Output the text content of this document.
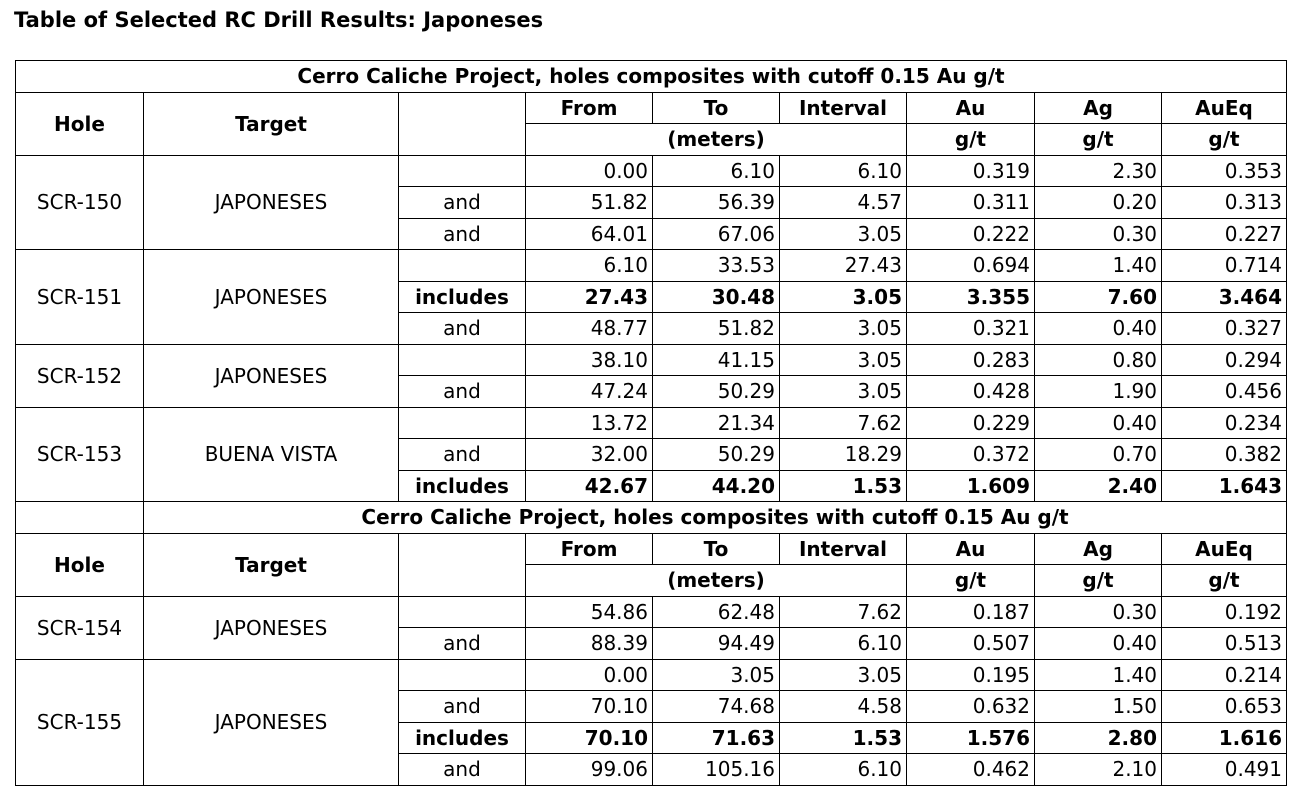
Table of Selected RC Drill Results: Japoneses
Cerro Caliche Project, holes composites with cutoff 0.15 Au g/t								
Hole	Target		From	To	Interval	Au	Ag	AuEq
			(meters)			g/t	g/t	g/t
SCR-150	JAPONESES		0.00	6.10	6.10	0.319	2.30	0.353
		and	51.82	56.39	4.57	0.311	0.20	0.313
		and	64.01	67.06	3.05	0.222	0.30	0.227
SCR-151	JAPONESES		6.10	33.53	27.43	0.694	1.40	0.714
		includes	27.43	30.48	3.05	3.355	7.60	3.464
		and	48.77	51.82	3.05	0.321	0.40	0.327
SCR-152	JAPONESES		38.10	41.15	3.05	0.283	0.80	0.294
		and	47.24	50.29	3.05	0.428	1.90	0.456
SCR-153	BUENA VISTA		13.72	21.34	7.62	0.229	0.40	0.234
		and	32.00	50.29	18.29	0.372	0.70	0.382
		includes	42.67	44.20	1.53	1.609	2.40	1.643
	Cerro Caliche Project, holes composites with cutoff 0.15 Au g/t							
Hole	Target		From	To	Interval	Au	Ag	AuEq
			(meters)			g/t	g/t	g/t
SCR-154	JAPONESES		54.86	62.48	7.62	0.187	0.30	0.192
		and	88.39	94.49	6.10	0.507	0.40	0.513
SCR-155	JAPONESES		0.00	3.05	3.05	0.195	1.40	0.214
		and	70.10	74.68	4.58	0.632	1.50	0.653
		includes	70.10	71.63	1.53	1.576	2.80	1.616
		and	99.06	105.16	6.10	0.462	2.10	0.491
